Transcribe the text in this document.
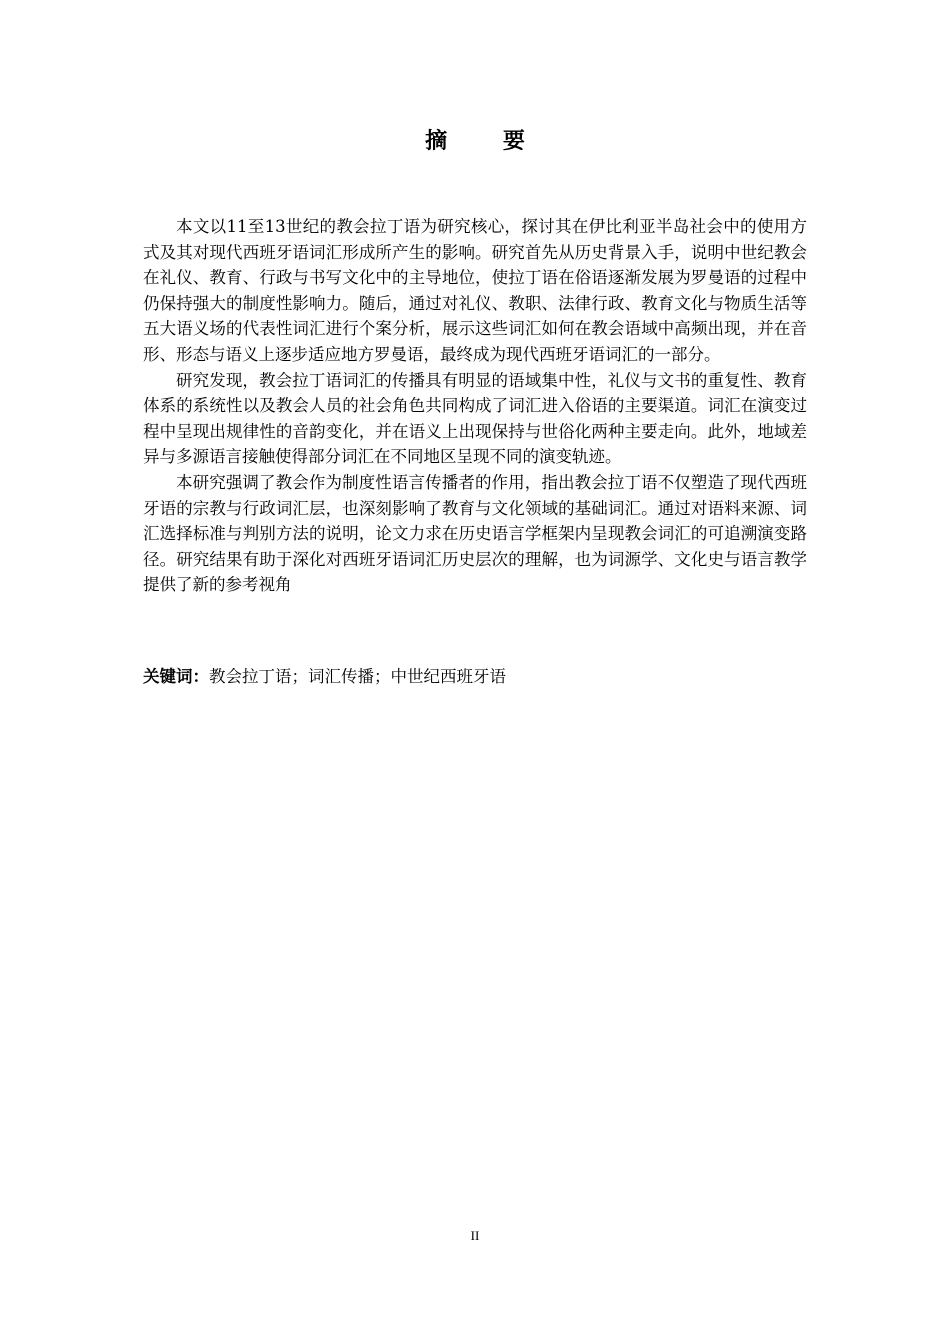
摘 要

本文以11至13世纪的教会拉丁语为研究核心，探讨其在伊比利亚半岛社会中的使用方式及其对现代西班牙语词汇形成所产生的影响。研究首先从历史背景入手，说明中世纪教会在礼仪、教育、行政与书写文化中的主导地位，使拉丁语在俗语逐渐发展为罗曼语的过程中仍保持强大的制度性影响力。随后，通过对礼仪、教职、法律行政、教育文化与物质生活等五大语义场的代表性词汇进行个案分析，展示这些词汇如何在教会语域中高频出现，并在音形、形态与语义上逐步适应地方罗曼语，最终成为现代西班牙语词汇的一部分。

研究发现，教会拉丁语词汇的传播具有明显的语域集中性，礼仪与文书的重复性、教育体系的系统性以及教会人员的社会角色共同构成了词汇进入俗语的主要渠道。词汇在演变过程中呈现出规律性的音韵变化，并在语义上出现保持与世俗化两种主要走向。此外，地域差异与多源语言接触使得部分词汇在不同地区呈现不同的演变轨迹。

本研究强调了教会作为制度性语言传播者的作用，指出教会拉丁语不仅塑造了现代西班牙语的宗教与行政词汇层，也深刻影响了教育与文化领域的基础词汇。通过对语料来源、词汇选择标准与判别方法的说明，论文力求在历史语言学框架内呈现教会词汇的可追溯演变路径。研究结果有助于深化对西班牙语词汇历史层次的理解，也为词源学、文化史与语言教学提供了新的参考视角

关键词：教会拉丁语；词汇传播；中世纪西班牙语

II
